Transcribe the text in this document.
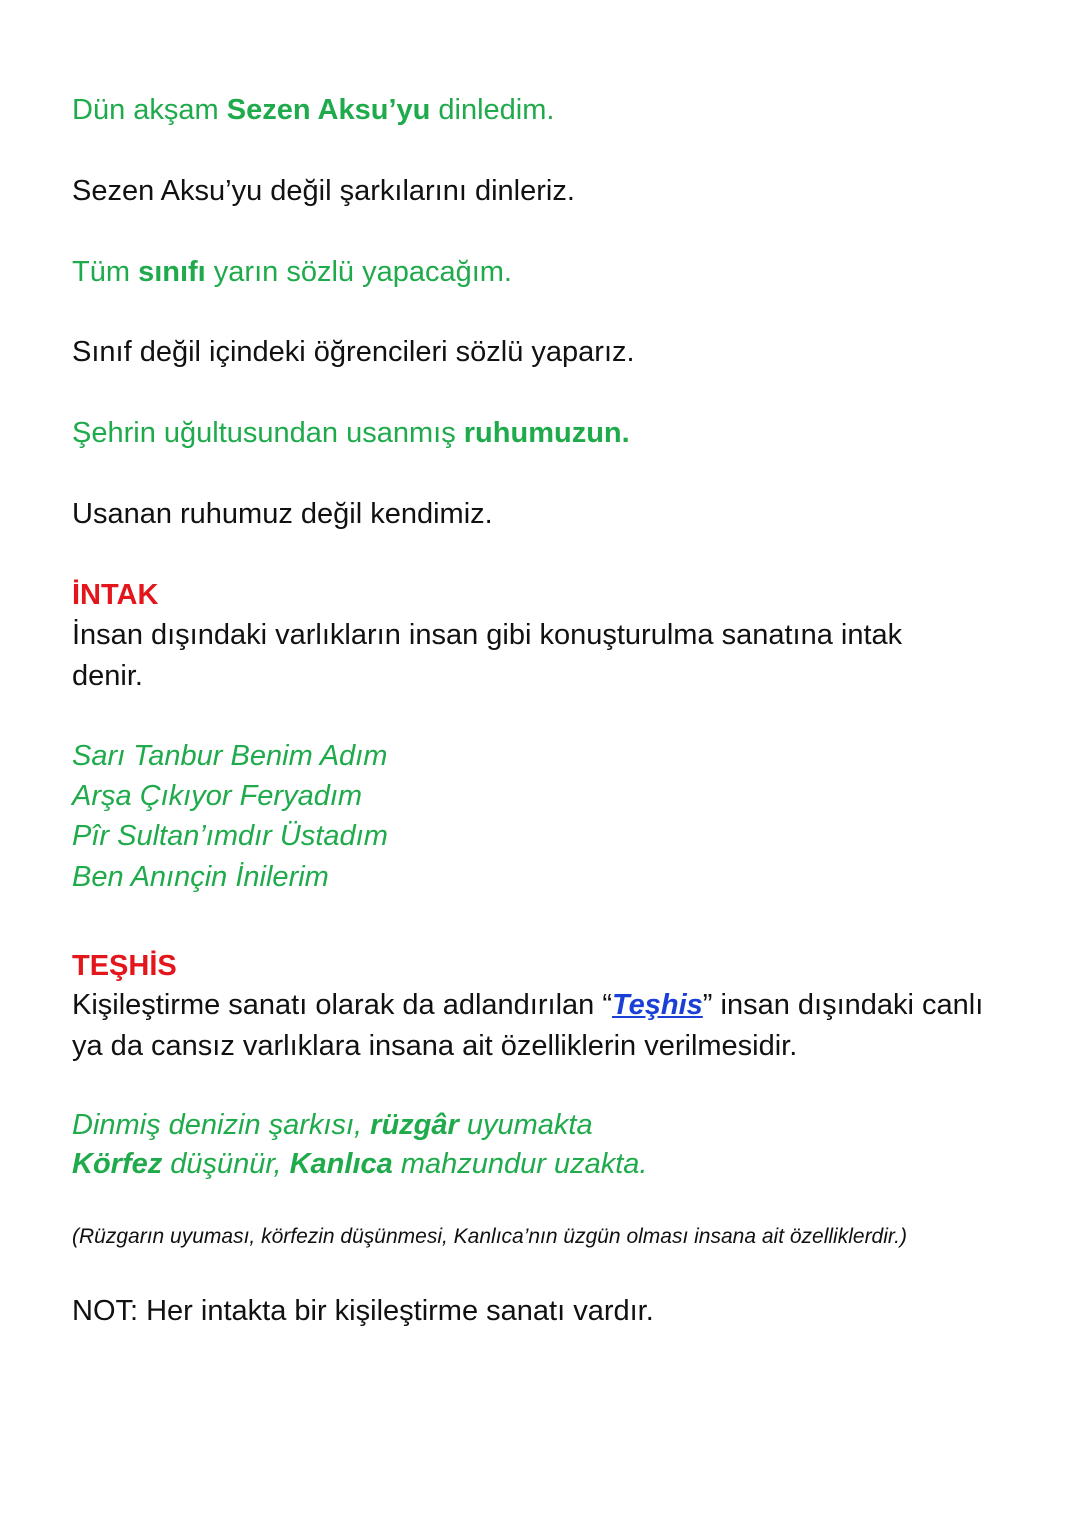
Dün akşam Sezen Aksu’yu dinledim.
Sezen Aksu’yu değil şarkılarını dinleriz.
Tüm sınıfı yarın sözlü yapacağım.
Sınıf değil içindeki öğrencileri sözlü yaparız.
Şehrin uğultusundan usanmış ruhumuzun.
Usanan ruhumuz değil kendimiz.
İNTAK
İnsan dışındaki varlıkların insan gibi konuşturulma sanatına intak
denir.
Sarı Tanbur Benim Adım
Arşa Çıkıyor Feryadım
Pîr Sultan’ımdır Üstadım
Ben Anınçin İnilerim
TEŞHİS
Kişileştirme sanatı olarak da adlandırılan “Teşhis” insan dışındaki canlı
ya da cansız varlıklara insana ait özelliklerin verilmesidir.
Dinmiş denizin şarkısı, rüzgâr uyumakta
Körfez düşünür, Kanlıca mahzundur uzakta.
(Rüzgarın uyuması, körfezin düşünmesi, Kanlıca’nın üzgün olması insana ait özelliklerdir.)
NOT: Her intakta bir kişileştirme sanatı vardır.
